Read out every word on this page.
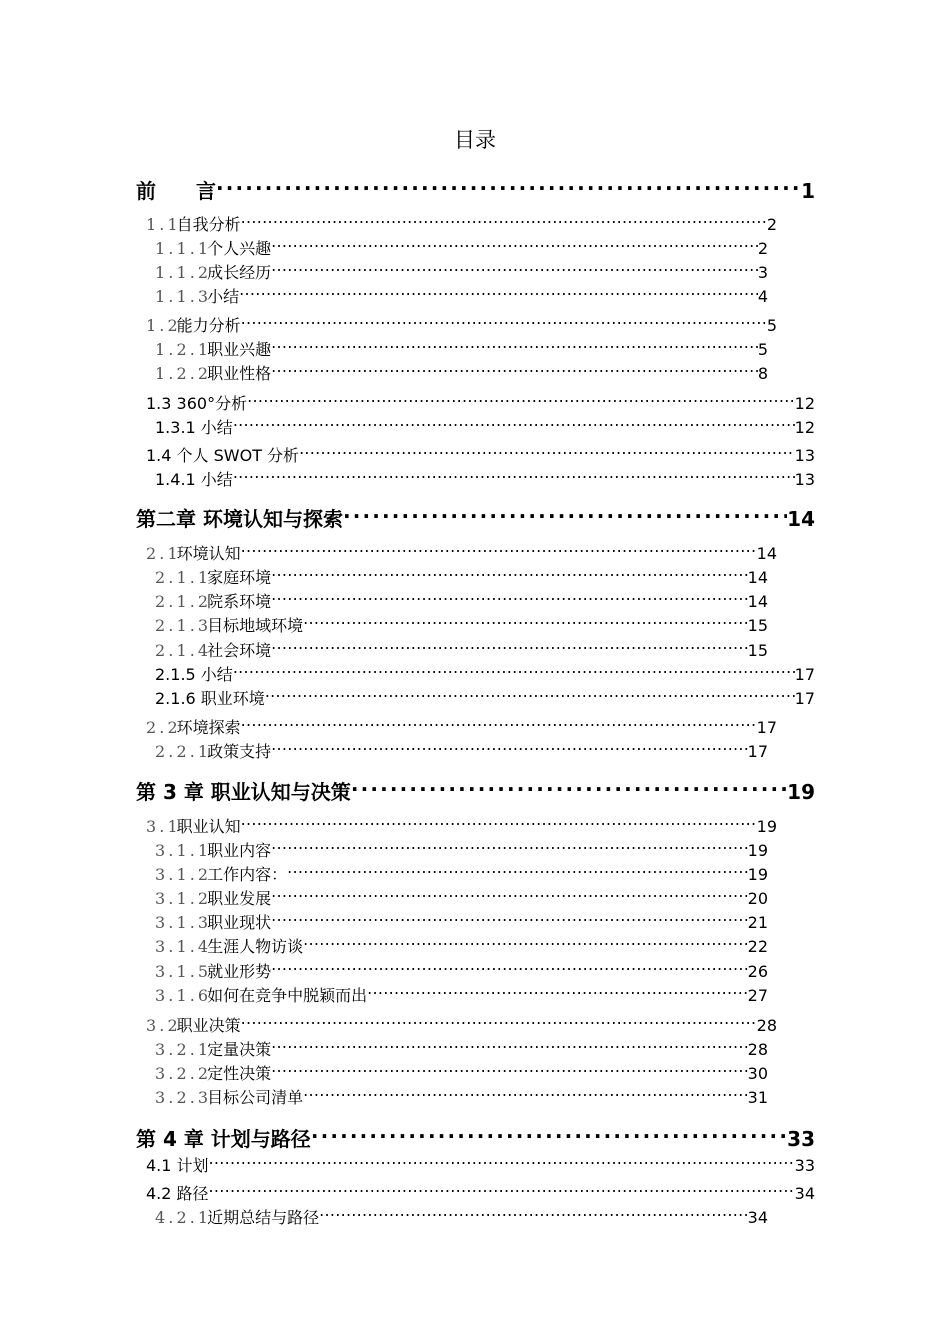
目录
前　　言 . . .	1
1 . 1 自我分析 . . .	2
1 . 1 . 1 个人兴趣 . . .	2
1 . 1 . 2 成长经历 . . .	3
1 . 1 . 3 小结 . . .	4
1 . 2 能力分析 . . .	5
1 . 2 . 1 职业兴趣 . . .	5
1 . 2 . 2 职业性格 . . .	8
1.3 360°分析 . . .	12
1.3.1 小结 . . .	12
1.4 个人 SWOT 分析 . . .	13
1.4.1 小结 . . .	13
第二章 环境认知与探索 . . .	14
2 . 1 环境认知 . . .	14
2 . 1 . 1 家庭环境 . . .	14
2 . 1 . 2 院系环境 . . .	14
2 . 1 . 3 目标地域环境 . . .	15
2 . 1 . 4 社会环境 . . .	15
2.1.5 小结 . . .	17
2.1.6 职业环境 . . .	17
2 . 2 环境探索 . . .	17
2 . 2 . 1 政策支持 . . .	17
第 3 章 职业认知与决策 . . .	19
3 . 1 职业认知 . . .	19
3 . 1 . 1 职业内容 . . .	19
3 . 1 . 2 工作内容： . . .	19
3 . 1 . 2 职业发展 . . .	20
3 . 1 . 3 职业现状 . . .	21
3 . 1 . 4 生涯人物访谈 . . .	22
3 . 1 . 5 就业形势 . . .	26
3 . 1 . 6 如何在竞争中脱颖而出 . . .	27
3 . 2 职业决策 . . .	28
3 . 2 . 1 定量决策 . . .	28
3 . 2 . 2 定性决策 . . .	30
3 . 2 . 3 目标公司清单 . . .	31
第 4 章 计划与路径 . . .	33
4.1 计划 . . .	33
4.2 路径 . . .	34
4 . 2 . 1 近期总结与路径 . . .	34
